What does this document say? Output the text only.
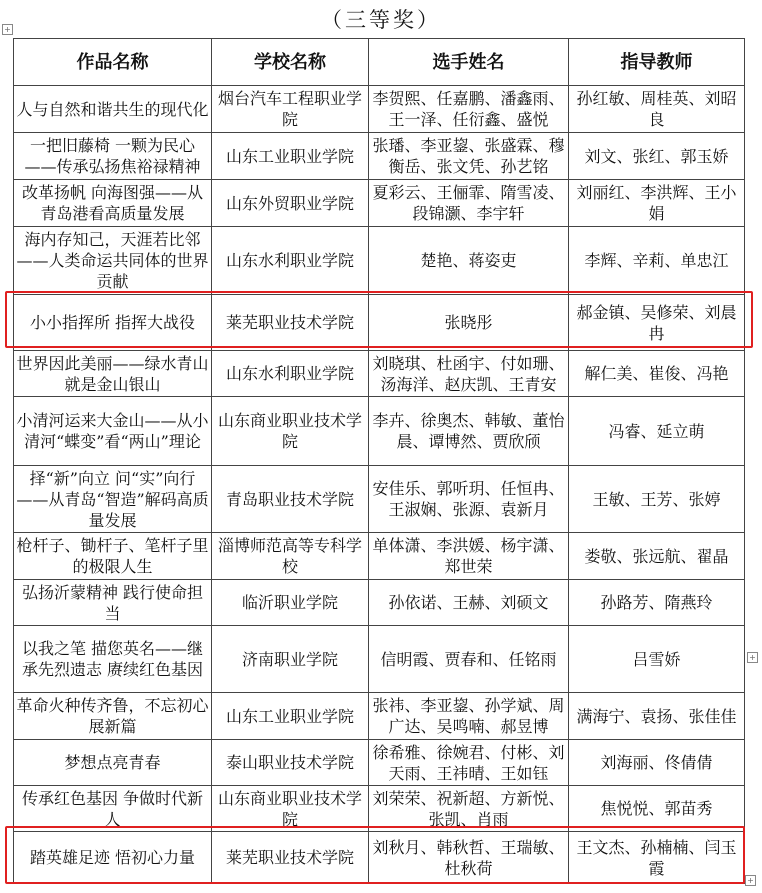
（三等奖）
+
+
+
作品名称	学校名称	选手姓名	指导教师
人与自然和谐共生的现代化	烟台汽车工程职业学院	李贺熙、任嘉鹏、潘鑫雨、王一泽、任衍鑫、盛悦	孙红敏、周桂英、刘昭良
一把旧藤椅 一颗为民心——传承弘扬焦裕禄精神	山东工业职业学院	张璠、李亚鋆、张盛霖、穆衡岳、张文凭、孙艺铭	刘文、张红、郭玉娇
改革扬帆 向海图强——从青岛港看高质量发展	山东外贸职业学院	夏彩云、王俪霏、隋雪凌、段锦灏、李宇轩	刘丽红、李洪辉、王小娟
海内存知己，天涯若比邻——人类命运共同体的世界贡献	山东水利职业学院	楚艳、蒋姿吏	李辉、辛莉、单忠江
小小指挥所 指挥大战役	莱芜职业技术学院	张晓彤	郝金镇、吴修荣、刘晨冉
世界因此美丽——绿水青山就是金山银山	山东水利职业学院	刘晓琪、杜函宇、付如珊、汤海洋、赵庆凯、王青安	解仁美、崔俊、冯艳
小清河运来大金山——从小清河“蝶变”看“两山”理论	山东商业职业技术学院	李卉、徐奥杰、韩敏、董怡晨、谭博然、贾欣颀	冯睿、延立萌
择“新”向立 问“实”向行——从青岛“智造”解码高质量发展	青岛职业技术学院	安佳乐、郭听玥、任恒冉、王淑娴、张源、袁新月	王敏、王芳、张婷
枪杆子、锄杆子、笔杆子里的极限人生	淄博师范高等专科学校	单体潇、李洪媛、杨宇潇、郑世荣	娄敬、张远航、翟晶
弘扬沂蒙精神 践行使命担当	临沂职业学院	孙依诺、王赫、刘硕文	孙路芳、隋燕玲
以我之笔 描您英名——继承先烈遗志 赓续红色基因	济南职业学院	信明霞、贾春和、任铭雨	吕雪娇
革命火种传齐鲁，不忘初心展新篇	山东工业职业学院	张祎、李亚鋆、孙学斌、周广达、吴鸣喃、郝昱博	满海宁、袁扬、张佳佳
梦想点亮青春	泰山职业技术学院	徐希雅、徐婉君、付彬、刘天雨、王祎晴、王如钰	刘海丽、佟倩倩
传承红色基因 争做时代新人	山东商业职业技术学院	刘荣荣、祝新超、方新悦、张凯、肖雨	焦悦悦、郭苗秀
踏英雄足迹 悟初心力量	莱芜职业技术学院	刘秋月、韩秋哲、王瑞敏、杜秋荷	王文杰、孙楠楠、闫玉霞
